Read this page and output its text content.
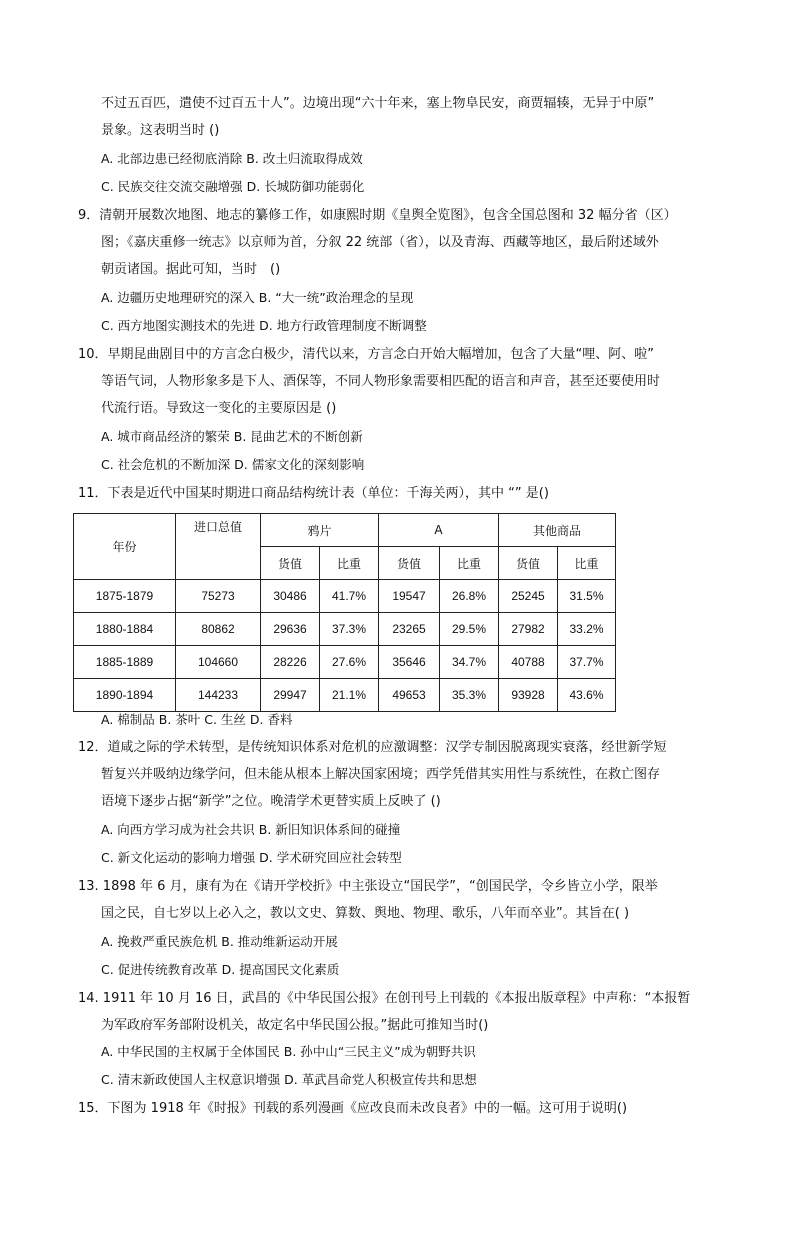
不过五百匹，遣使不过百五十人”。边境出现“六十年来，塞上物阜民安，商贾辐辏，无异于中原”
景象。这表明当时 ()
A. 北部边患已经彻底消除 B. 改土归流取得成效
C. 民族交往交流交融增强 D. 长城防御功能弱化
9．清朝开展数次地图、地志的纂修工作，如康熙时期《皇舆全览图》，包含全国总图和 32 幅分省（区）
图；《嘉庆重修一统志》以京师为首，分叙 22 统部（省），以及青海、西藏等地区，最后附述域外
朝贡诸国。据此可知，当时　()
A. 边疆历史地理研究的深入 B. “大一统”政治理念的呈现
C. 西方地图实测技术的先进 D. 地方行政管理制度不断调整
10．早期昆曲剧目中的方言念白极少，清代以来，方言念白开始大幅增加，包含了大量“哩、阿、啦”
等语气词，人物形象多是下人、酒保等，不同人物形象需要相匹配的语言和声音，甚至还要使用时
代流行语。导致这一变化的主要原因是 ()
A. 城市商品经济的繁荣 B. 昆曲艺术的不断创新
C. 社会危机的不断加深 D. 儒家文化的深刻影响
11．下表是近代中国某时期进口商品结构统计表（单位：千海关两），其中 “” 是()
年份	进口总值	鸦片		A		其他商品	
		货值	比重	货值	比重	货值	比重
1875-1879	75273	30486	41.7%	19547	26.8%	25245	31.5%
1880-1884	80862	29636	37.3%	23265	29.5%	27982	33.2%
1885-1889	104660	28226	27.6%	35646	34.7%	40788	37.7%
1890-1894	144233	29947	21.1%	49653	35.3%	93928	43.6%
A. 棉制品 B. 茶叶 C. 生丝 D. 香料
12．道咸之际的学术转型，是传统知识体系对危机的应激调整：汉学专制因脱离现实衰落，经世新学短
暂复兴并吸纳边缘学问，但未能从根本上解决国家困境；西学凭借其实用性与系统性，在救亡图存
语境下逐步占据“新学”之位。晚清学术更替实质上反映了 ()
A. 向西方学习成为社会共识 B. 新旧知识体系间的碰撞
C. 新文化运动的影响力增强 D. 学术研究回应社会转型
13. 1898 年 6 月，康有为在《请开学校折》中主张设立“国民学”，“创国民学，令乡皆立小学，限举
国之民，自七岁以上必入之，教以文史、算数、舆地、物理、歌乐，八年而卒业”。其旨在( )
A. 挽救严重民族危机 B. 推动维新运动开展
C. 促进传统教育改革 D. 提高国民文化素质
14. 1911 年 10 月 16 日，武昌的《中华民国公报》在创刊号上刊载的《本报出版章程》中声称：“本报暂
为军政府军务部附设机关，故定名中华民国公报。”据此可推知当时()
A. 中华民国的主权属于全体国民 B. 孙中山“三民主义”成为朝野共识
C. 清末新政使国人主权意识增强 D. 革武昌命党人积极宣传共和思想
15．下图为 1918 年《时报》刊载的系列漫画《应改良而未改良者》中的一幅。这可用于说明()
